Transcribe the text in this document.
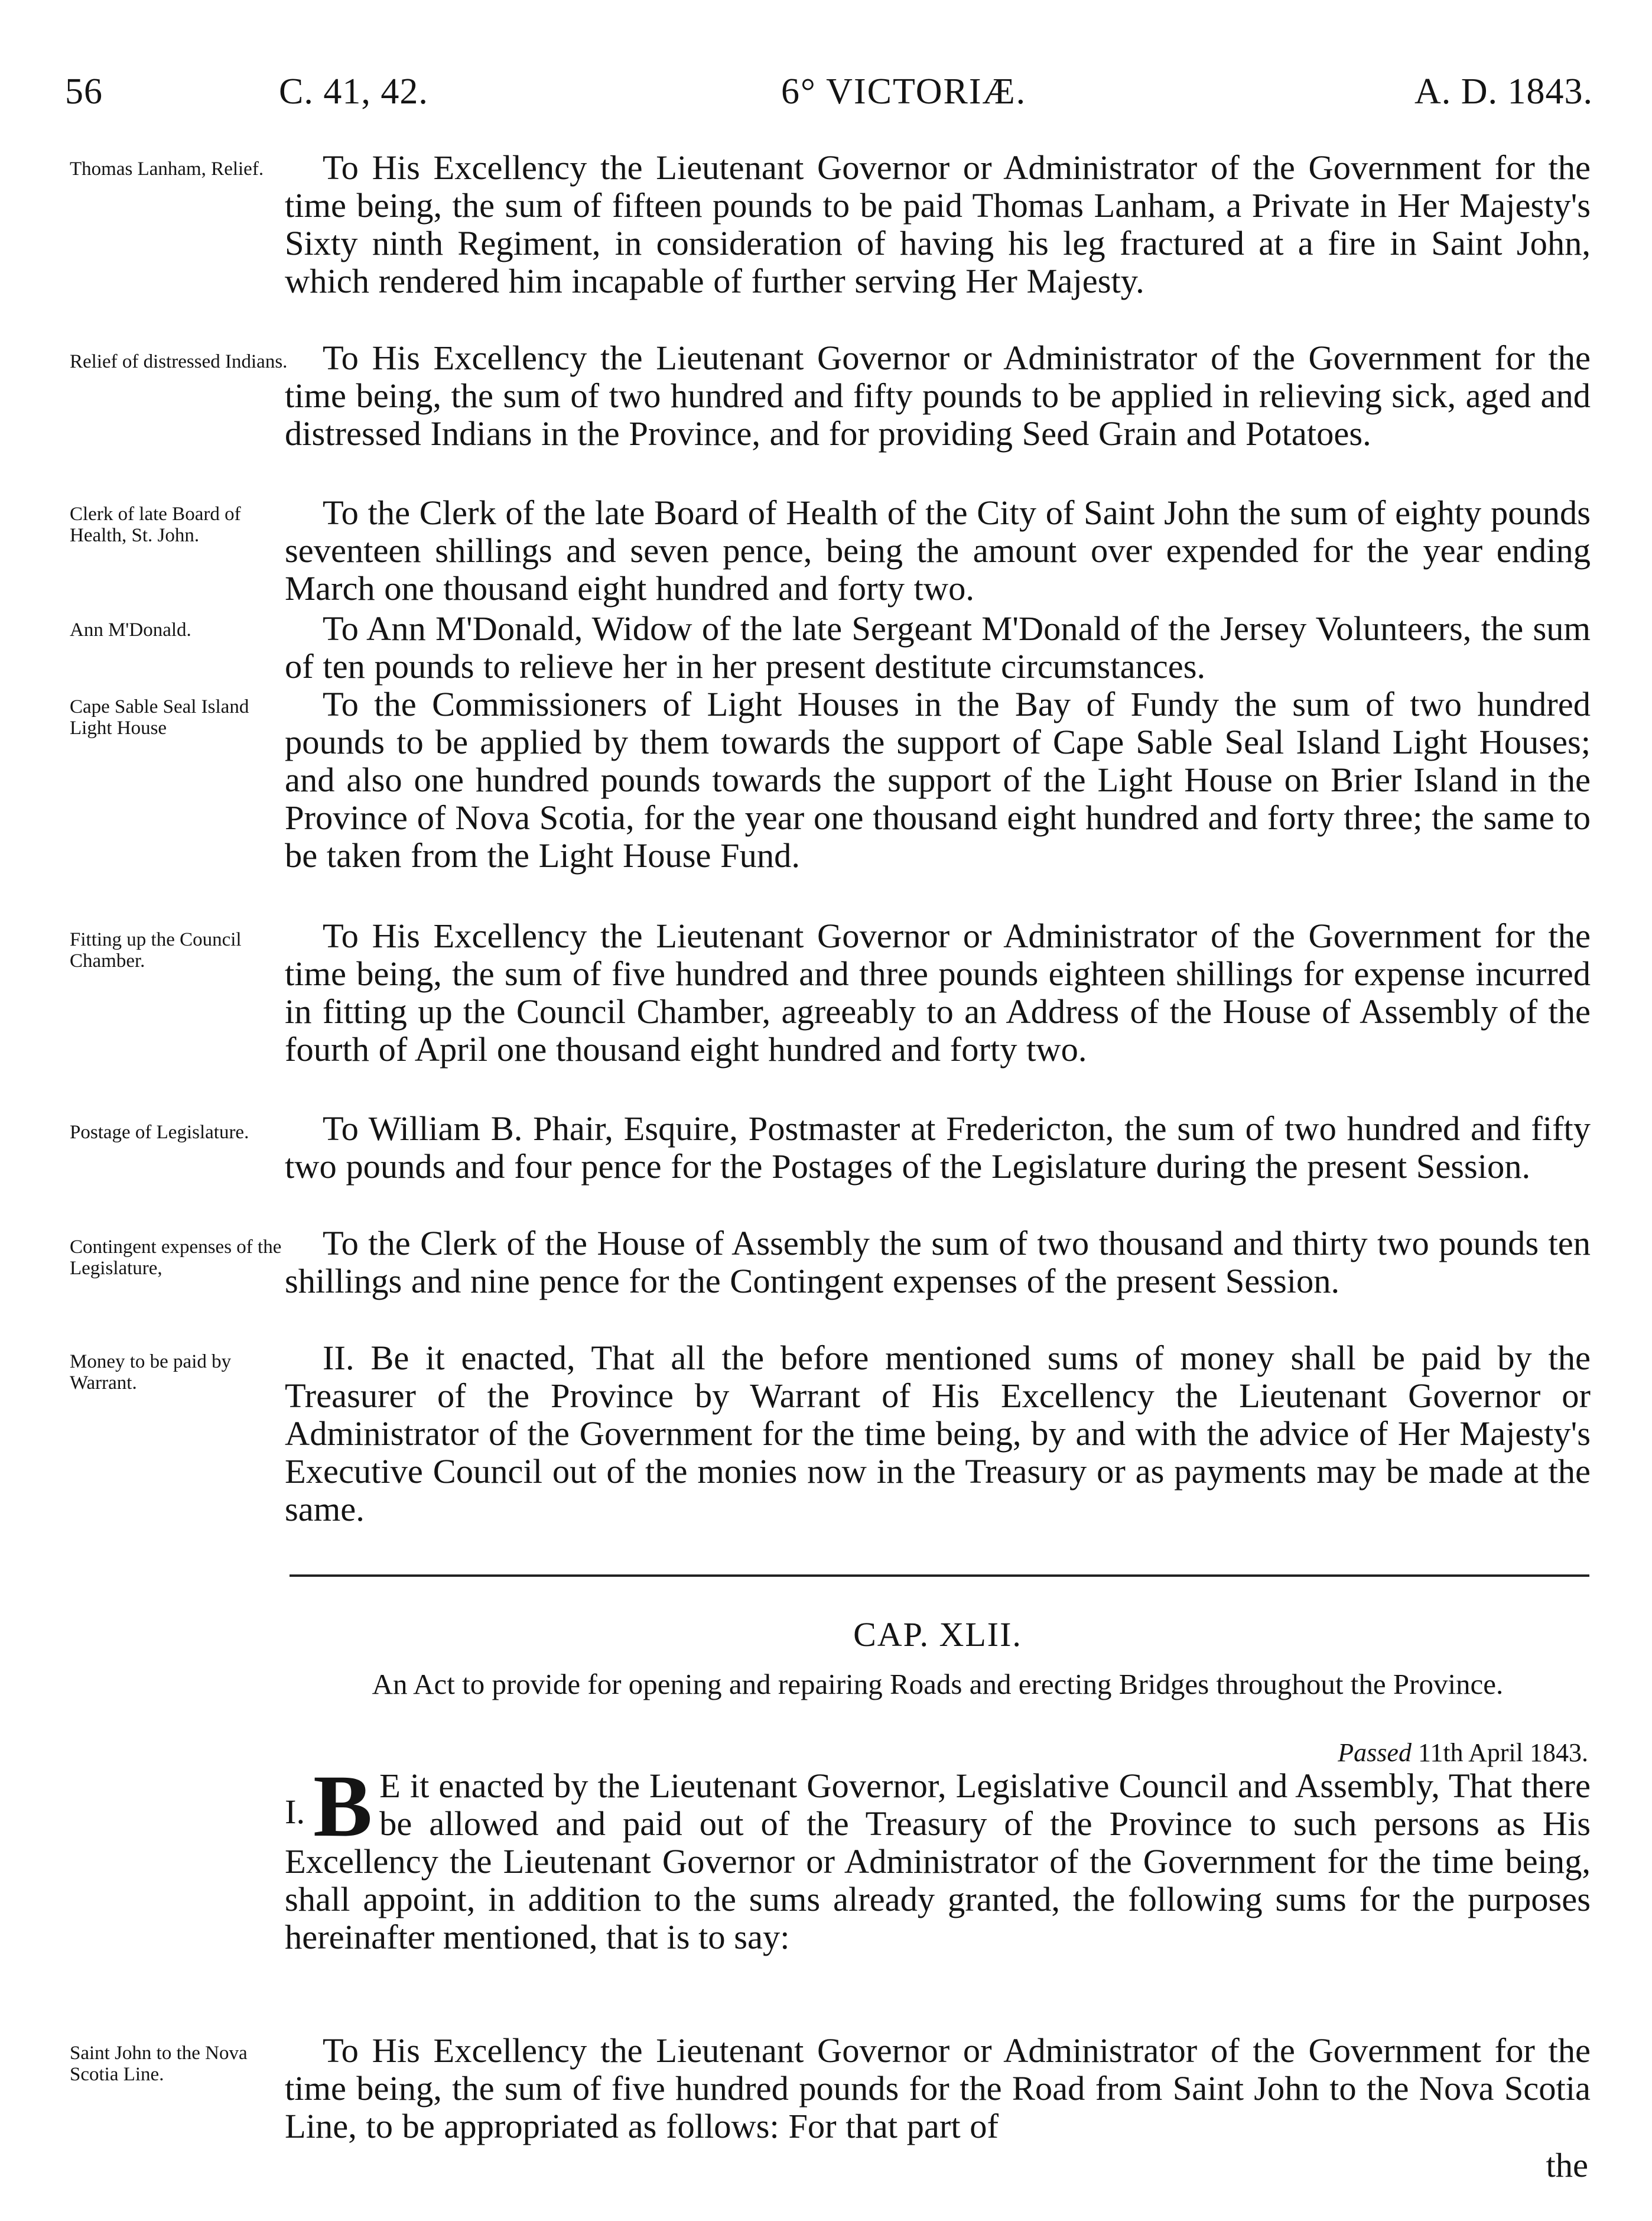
56	C. 41, 42.	6° VICTORIÆ.	A. D. 1843.
Thomas Lanham, Relief.	To His Excellency the Lieutenant Governor or Administrator of the Government for the time being, the sum of fifteen pounds to be paid Thomas Lanham, a Private in Her Majesty's Sixty ninth Regiment, in consideration of having his leg fractured at a fire in Saint John, which rendered him incapable of further serving Her Majesty.
Relief of distressed Indians.	To His Excellency the Lieutenant Governor or Administrator of the Government for the time being, the sum of two hundred and fifty pounds to be applied in relieving sick, aged and distressed Indians in the Province, and for providing Seed Grain and Potatoes.
Clerk of late Board of Health, St. John.
To the Clerk of the late Board of Health of the City of Saint John the sum of eighty pounds seventeen shillings and seven pence, being the amount over expended for the year ending March one thousand eight hundred and forty two.
Ann M'Donald.	To Ann M'Donald, Widow of the late Sergeant M'Donald of the Jersey Volunteers, the sum of ten pounds to relieve her in her present destitute circumstances.
Cape Sable Seal Island Light House
To the Commissioners of Light Houses in the Bay of Fundy the sum of two hundred pounds to be applied by them towards the support of Cape Sable Seal Island Light Houses; and also one hundred pounds towards the support of the Light House on Brier Island in the Province of Nova Scotia, for the year one thousand eight hundred and forty three; the same to be taken from the Light House Fund.
Fitting up the Council Chamber.
To His Excellency the Lieutenant Governor or Administrator of the Government for the time being, the sum of five hundred and three pounds eighteen shillings for expense incurred in fitting up the Council Chamber, agreeably to an Address of the House of Assembly of the fourth of April one thousand eight hundred and forty two.
Postage of Legislature.	To William B. Phair, Esquire, Postmaster at Fredericton, the sum of two hundred and fifty two pounds and four pence for the Postages of the Legislature during the present Session.
Contingent expenses of the Legislature,
To the Clerk of the House of Assembly the sum of two thousand and thirty two pounds ten shillings and nine pence for the Contingent expenses of the present Session.
Money to be paid by Warrant.
II. Be it enacted, That all the before mentioned sums of money shall be paid by the Treasurer of the Province by Warrant of His Excellency the Lieutenant Governor or Administrator of the Government for the time being, by and with the advice of Her Majesty's Executive Council out of the monies now in the Treasury or as payments may be made at the same.
CAP. XLII.
An Act to provide for opening and repairing Roads and erecting Bridges throughout the Province.
Passed 11th April 1843.
I. B E it enacted by the Lieutenant Governor, Legislative Council and Assembly, That there be allowed and paid out of the Treasury of the Province to such persons as His Excellency the Lieutenant Governor or Administrator of the Government for the time being, shall appoint, in addition to the sums already granted, the following sums for the purposes hereinafter mentioned, that is to say:
Saint John to the Nova Scotia Line.
To His Excellency the Lieutenant Governor or Administrator of the Government for the time being, the sum of five hundred pounds for the Road from Saint John to the Nova Scotia Line, to be appropriated as follows: For that part of
the
